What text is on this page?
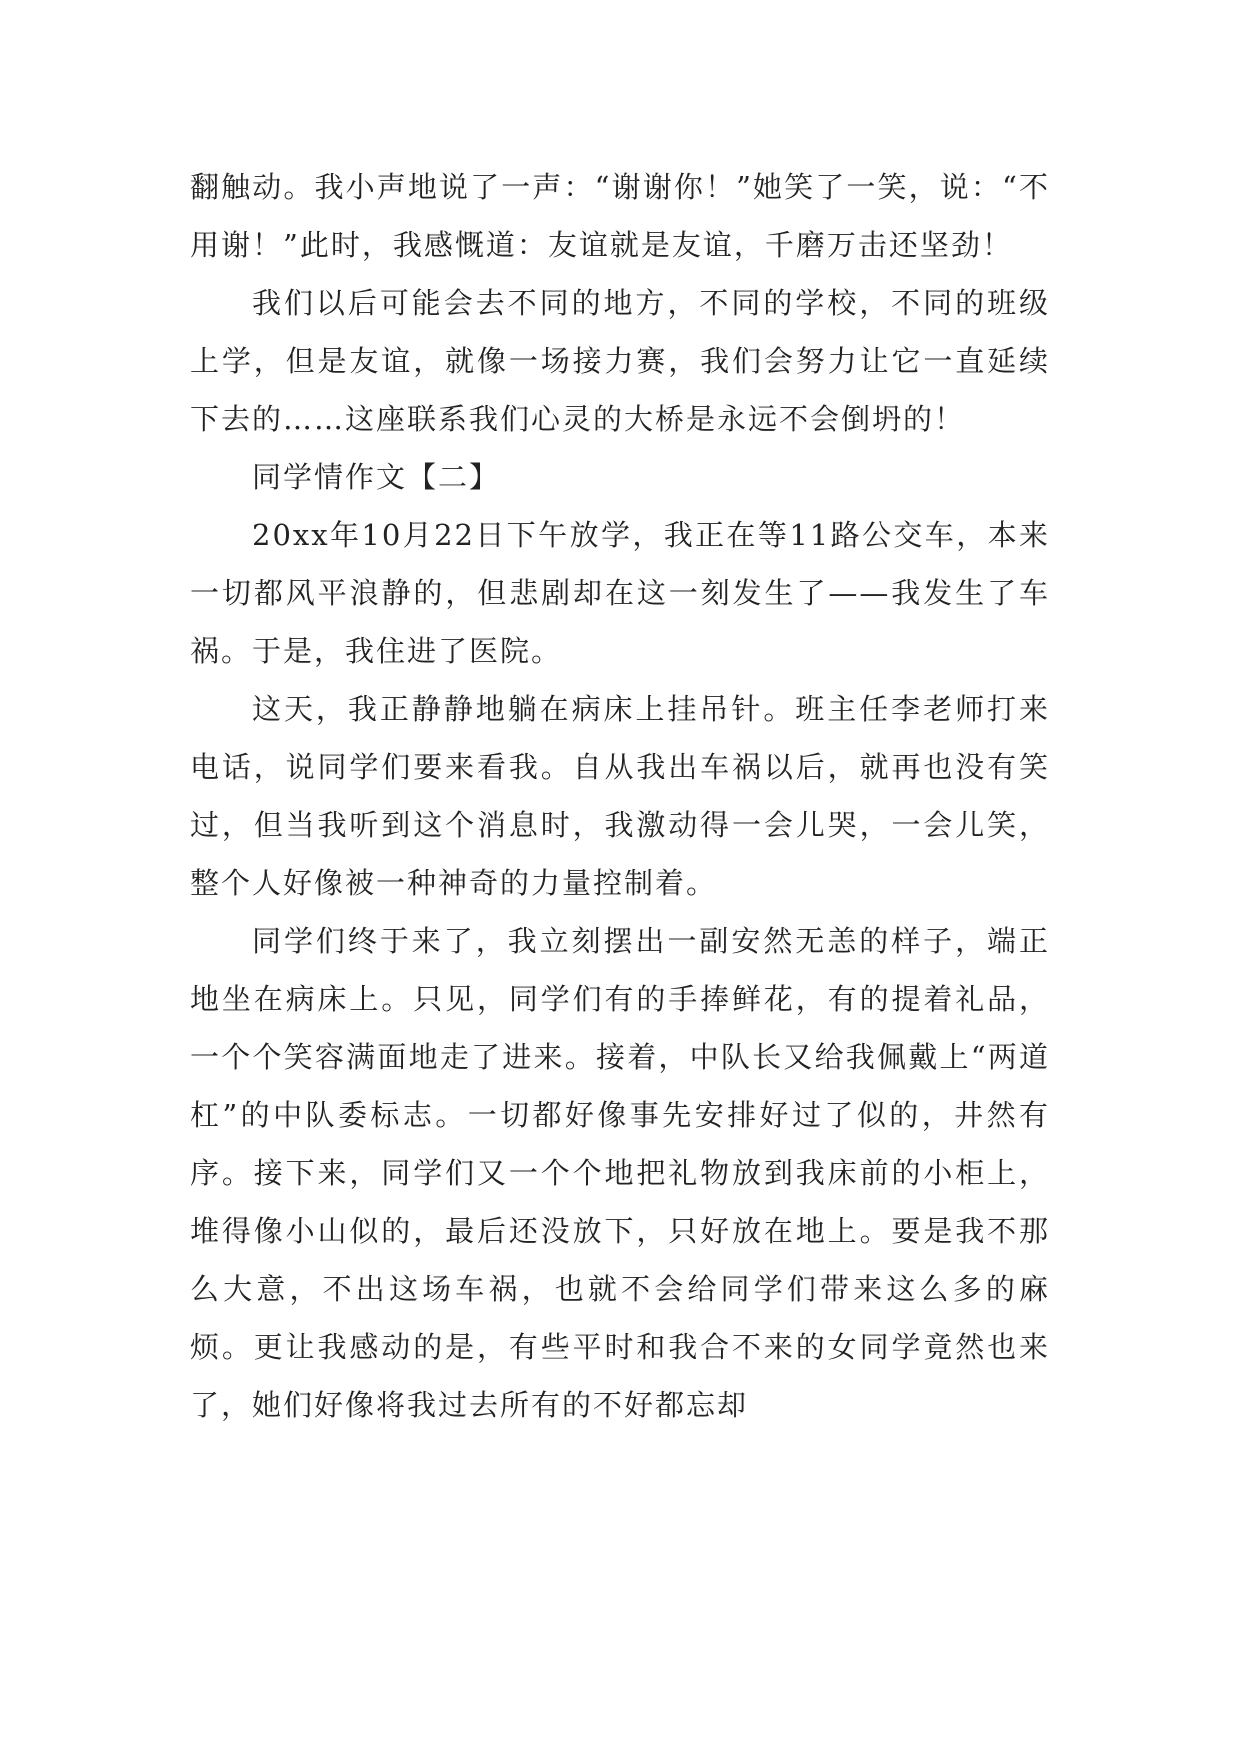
翻触动。我小声地说了一声：“谢谢你！”她笑了一笑，说：“不用谢！”此时，我感慨道：友谊就是友谊，千磨万击还坚劲！

我们以后可能会去不同的地方，不同的学校，不同的班级上学，但是友谊，就像一场接力赛，我们会努力让它一直延续下去的……这座联系我们心灵的大桥是永远不会倒坍的！

同学情作文【二】

20xx年10月22日下午放学，我正在等11路公交车，本来一切都风平浪静的，但悲剧却在这一刻发生了——我发生了车祸。于是，我住进了医院。

这天，我正静静地躺在病床上挂吊针。班主任李老师打来电话，说同学们要来看我。自从我出车祸以后，就再也没有笑过，但当我听到这个消息时，我激动得一会儿哭，一会儿笑，整个人好像被一种神奇的力量控制着。

同学们终于来了，我立刻摆出一副安然无恙的样子，端正地坐在病床上。只见，同学们有的手捧鲜花，有的提着礼品，一个个笑容满面地走了进来。接着，中队长又给我佩戴上“两道杠”的中队委标志。一切都好像事先安排好过了似的，井然有序。接下来，同学们又一个个地把礼物放到我床前的小柜上，堆得像小山似的，最后还没放下，只好放在地上。要是我不那么大意，不出这场车祸，也就不会给同学们带来这么多的麻烦。更让我感动的是，有些平时和我合不来的女同学竟然也来了，她们好像将我过去所有的不好都忘却
